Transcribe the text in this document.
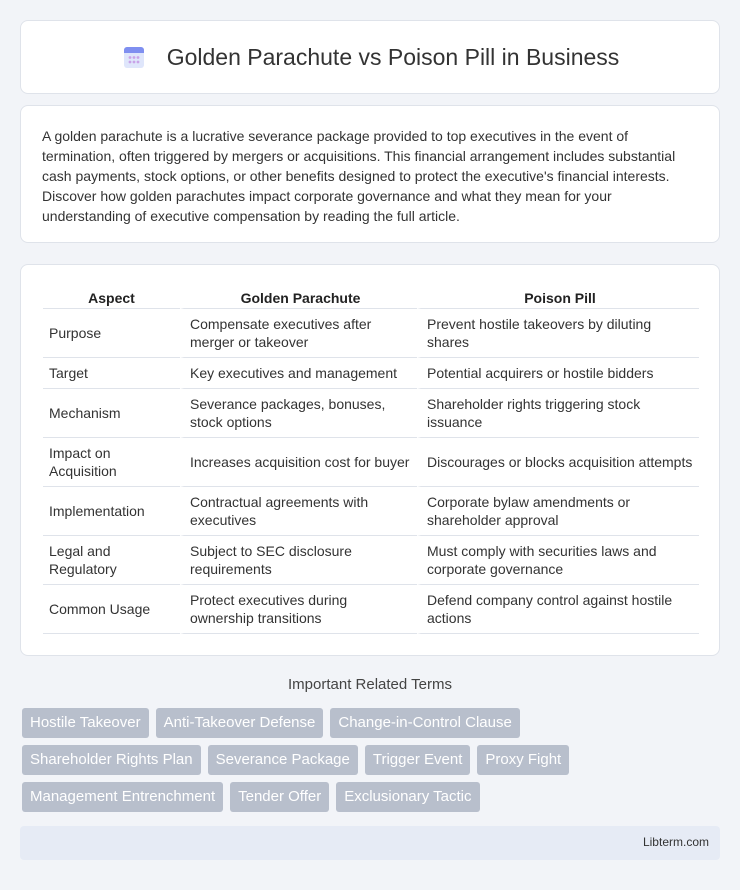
Golden Parachute vs Poison Pill in Business

A golden parachute is a lucrative severance package provided to top executives in the event of termination, often triggered by mergers or acquisitions. This financial arrangement includes substantial cash payments, stock options, or other benefits designed to protect the executive's financial interests. Discover how golden parachutes impact corporate governance and what they mean for your understanding of executive compensation by reading the full article.

Aspect	Golden Parachute	Poison Pill
Purpose	Compensate executives after merger or takeover	Prevent hostile takeovers by diluting shares
Target	Key executives and management	Potential acquirers or hostile bidders
Mechanism	Severance packages, bonuses, stock options	Shareholder rights triggering stock issuance
Impact on Acquisition	Increases acquisition cost for buyer	Discourages or blocks acquisition attempts
Implementation	Contractual agreements with executives	Corporate bylaw amendments or shareholder approval
Legal and Regulatory	Subject to SEC disclosure requirements	Must comply with securities laws and corporate governance
Common Usage	Protect executives during ownership transitions	Defend company control against hostile actions
Important Related Terms
Hostile Takeover	Anti-Takeover Defense	Change-in-Control Clause
Shareholder Rights Plan	Severance Package	Trigger Event	Proxy Fight
Management Entrenchment	Tender Offer	Exclusionary Tactic
Libterm.com
